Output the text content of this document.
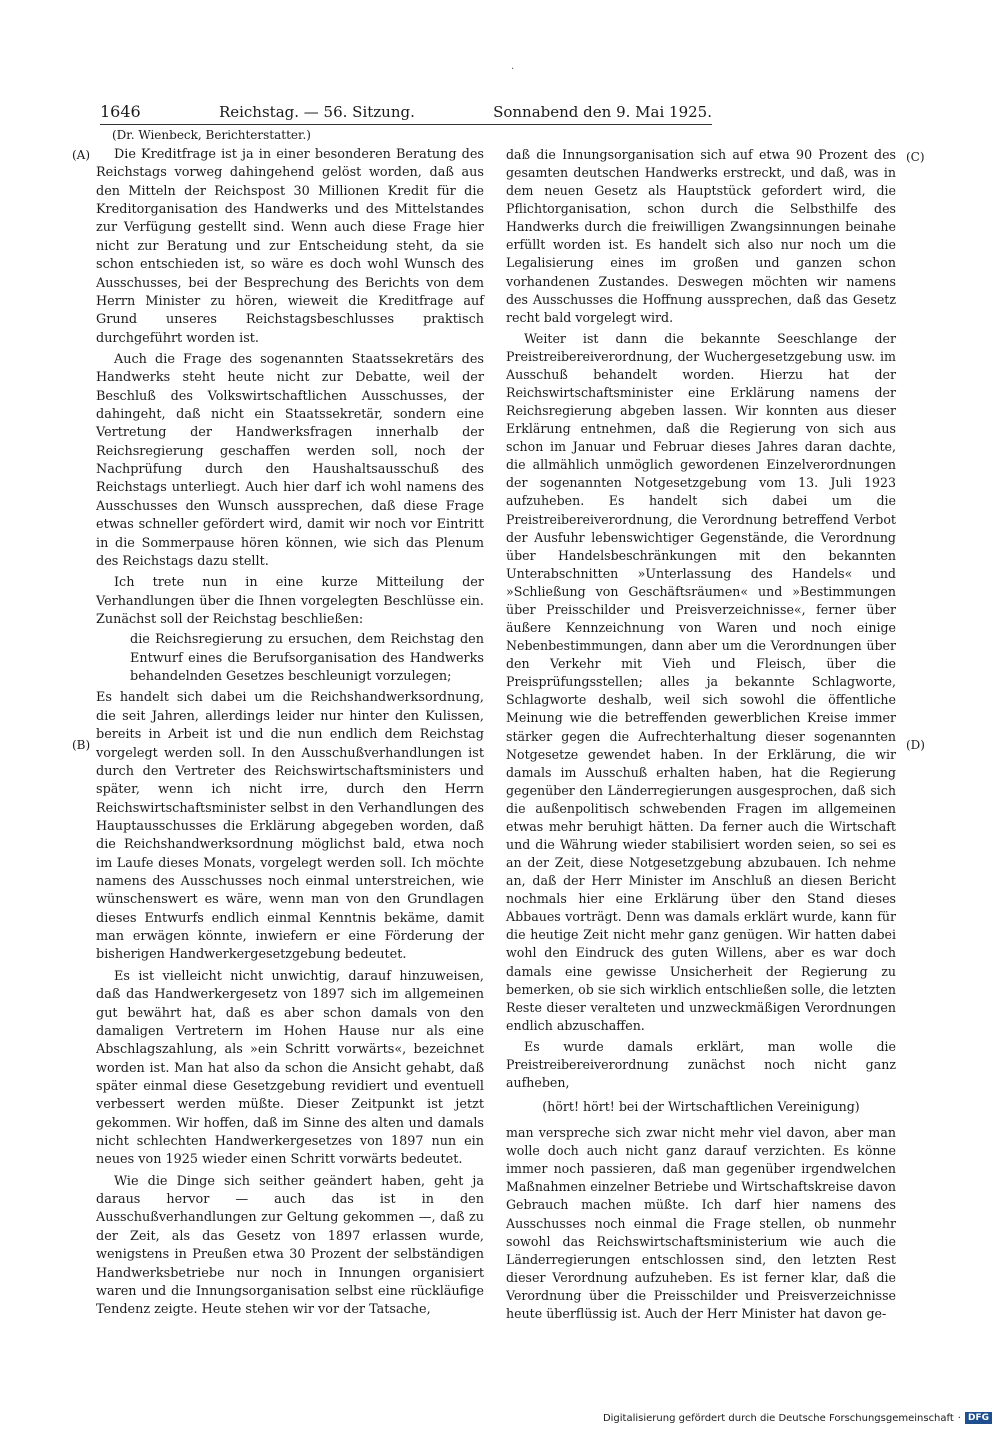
·
1646	Reichstag. — 56. Sitzung.	Sonnabend den 9. Mai 1925.
(Dr. Wienbeck, Berichterstatter.)
(A)
(B)
(C)
(D)

Die Kreditfrage ist ja in einer besonderen Beratung des Reichstags vorweg dahingehend gelöst worden, daß aus den Mitteln der Reichspost 30 Millionen Kredit für die Kreditorganisation des Handwerks und des Mittelstandes zur Verfügung gestellt sind. Wenn auch diese Frage hier nicht zur Beratung und zur Entscheidung steht, da sie schon entschieden ist, so wäre es doch wohl Wunsch des Ausschusses, bei der Besprechung des Berichts von dem Herrn Minister zu hören, wieweit die Kreditfrage auf Grund unseres Reichstagsbeschlusses praktisch durchgeführt worden ist.

Auch die Frage des sogenannten Staatssekretärs des Handwerks steht heute nicht zur Debatte, weil der Beschluß des Volkswirtschaftlichen Ausschusses, der dahingeht, daß nicht ein Staatssekretär, sondern eine Vertretung der Handwerksfragen innerhalb der Reichsregierung geschaffen werden soll, noch der Nachprüfung durch den Haushaltsausschuß des Reichstags unterliegt. Auch hier darf ich wohl namens des Ausschusses den Wunsch aussprechen, daß diese Frage etwas schneller gefördert wird, damit wir noch vor Eintritt in die Sommerpause hören können, wie sich das Plenum des Reichstags dazu stellt.

Ich trete nun in eine kurze Mitteilung der Verhandlungen über die Ihnen vorgelegten Beschlüsse ein. Zunächst soll der Reichstag beschließen:

die Reichsregierung zu ersuchen, dem Reichstag den Entwurf eines die Berufsorganisation des Handwerks behandelnden Gesetzes beschleunigt vorzulegen;

Es handelt sich dabei um die Reichshandwerksordnung, die seit Jahren, allerdings leider nur hinter den Kulissen, bereits in Arbeit ist und die nun endlich dem Reichstag vorgelegt werden soll. In den Ausschußverhandlungen ist durch den Vertreter des Reichswirtschaftsministers und später, wenn ich nicht irre, durch den Herrn Reichswirtschaftsminister selbst in den Verhandlungen des Hauptausschusses die Erklärung abgegeben worden, daß die Reichshandwerksordnung möglichst bald, etwa noch im Laufe dieses Monats, vorgelegt werden soll. Ich möchte namens des Ausschusses noch einmal unterstreichen, wie wünschenswert es wäre, wenn man von den Grundlagen dieses Entwurfs endlich einmal Kenntnis bekäme, damit man erwägen könnte, inwiefern er eine Förderung der bisherigen Handwerkergesetzgebung bedeutet.

Es ist vielleicht nicht unwichtig, darauf hinzuweisen, daß das Handwerkergesetz von 1897 sich im allgemeinen gut bewährt hat, daß es aber schon damals von den damaligen Vertretern im Hohen Hause nur als eine Abschlagszahlung, als »ein Schritt vorwärts«, bezeichnet worden ist. Man hat also da schon die Ansicht gehabt, daß später einmal diese Gesetzgebung revidiert und eventuell verbessert werden müßte. Dieser Zeitpunkt ist jetzt gekommen. Wir hoffen, daß im Sinne des alten und damals nicht schlechten Handwerkergesetzes von 1897 nun ein neues von 1925 wieder einen Schritt vorwärts bedeutet.

Wie die Dinge sich seither geändert haben, geht ja daraus hervor — auch das ist in den Ausschußverhandlungen zur Geltung gekommen —, daß zu der Zeit, als das Gesetz von 1897 erlassen wurde, wenigstens in Preußen etwa 30 Prozent der selbständigen Handwerksbetriebe nur noch in Innungen organisiert waren und die Innungsorganisation selbst eine rückläufige Tendenz zeigte. Heute stehen wir vor der Tatsache,

daß die Innungsorganisation sich auf etwa 90 Prozent des gesamten deutschen Handwerks erstreckt, und daß, was in dem neuen Gesetz als Hauptstück gefordert wird, die Pflichtorganisation, schon durch die Selbsthilfe des Handwerks durch die freiwilligen Zwangsinnungen beinahe erfüllt worden ist. Es handelt sich also nur noch um die Legalisierung eines im großen und ganzen schon vorhandenen Zustandes. Deswegen möchten wir namens des Ausschusses die Hoffnung aussprechen, daß das Gesetz recht bald vorgelegt wird.

Weiter ist dann die bekannte Seeschlange der Preistreibereiverordnung, der Wuchergesetzgebung usw. im Ausschuß behandelt worden. Hierzu hat der Reichswirtschaftsminister eine Erklärung namens der Reichsregierung abgeben lassen. Wir konnten aus dieser Erklärung entnehmen, daß die Regierung von sich aus schon im Januar und Februar dieses Jahres daran dachte, die allmählich unmöglich gewordenen Einzelverordnungen der sogenannten Notgesetzgebung vom 13. Juli 1923 aufzuheben. Es handelt sich dabei um die Preistreibereiverordnung, die Verordnung betreffend Verbot der Ausfuhr lebenswichtiger Gegenstände, die Verordnung über Handelsbeschränkungen mit den bekannten Unterabschnitten »Unterlassung des Handels« und »Schließung von Geschäftsräumen« und »Bestimmungen über Preisschilder und Preisverzeichnisse«, ferner über äußere Kennzeichnung von Waren und noch einige Nebenbestimmungen, dann aber um die Verordnungen über den Verkehr mit Vieh und Fleisch, über die Preisprüfungsstellen; alles ja bekannte Schlagworte, Schlagworte deshalb, weil sich sowohl die öffentliche Meinung wie die betreffenden gewerblichen Kreise immer stärker gegen die Aufrechterhaltung dieser sogenannten Notgesetze gewendet haben. In der Erklärung, die wir damals im Ausschuß erhalten haben, hat die Regierung gegenüber den Länderregierungen ausgesprochen, daß sich die außenpolitisch schwebenden Fragen im allgemeinen etwas mehr beruhigt hätten. Da ferner auch die Wirtschaft und die Währung wieder stabilisiert worden seien, so sei es an der Zeit, diese Notgesetzgebung abzubauen. Ich nehme an, daß der Herr Minister im Anschluß an diesen Bericht nochmals hier eine Erklärung über den Stand dieses Abbaues vorträgt. Denn was damals erklärt wurde, kann für die heutige Zeit nicht mehr ganz genügen. Wir hatten dabei wohl den Eindruck des guten Willens, aber es war doch damals eine gewisse Unsicherheit der Regierung zu bemerken, ob sie sich wirklich entschließen solle, die letzten Reste dieser veralteten und unzweckmäßigen Verordnungen endlich abzuschaffen.

Es wurde damals erklärt, man wolle die Preistreibereiverordnung zunächst noch nicht ganz aufheben,

(hört! hört! bei der Wirtschaftlichen Vereinigung)

man verspreche sich zwar nicht mehr viel davon, aber man wolle doch auch nicht ganz darauf verzichten. Es könne immer noch passieren, daß man gegenüber irgendwelchen Maßnahmen einzelner Betriebe und Wirtschaftskreise davon Gebrauch machen müßte. Ich darf hier namens des Ausschusses noch einmal die Frage stellen, ob nunmehr sowohl das Reichswirtschaftsministerium wie auch die Länderregierungen entschlossen sind, den letzten Rest dieser Verordnung aufzuheben. Es ist ferner klar, daß die Verordnung über die Preisschilder und Preisverzeichnisse heute überflüssig ist. Auch der Herr Minister hat davon ge-

Digitalisierung gefördert durch die Deutsche Forschungsgemeinschaft · DFG
